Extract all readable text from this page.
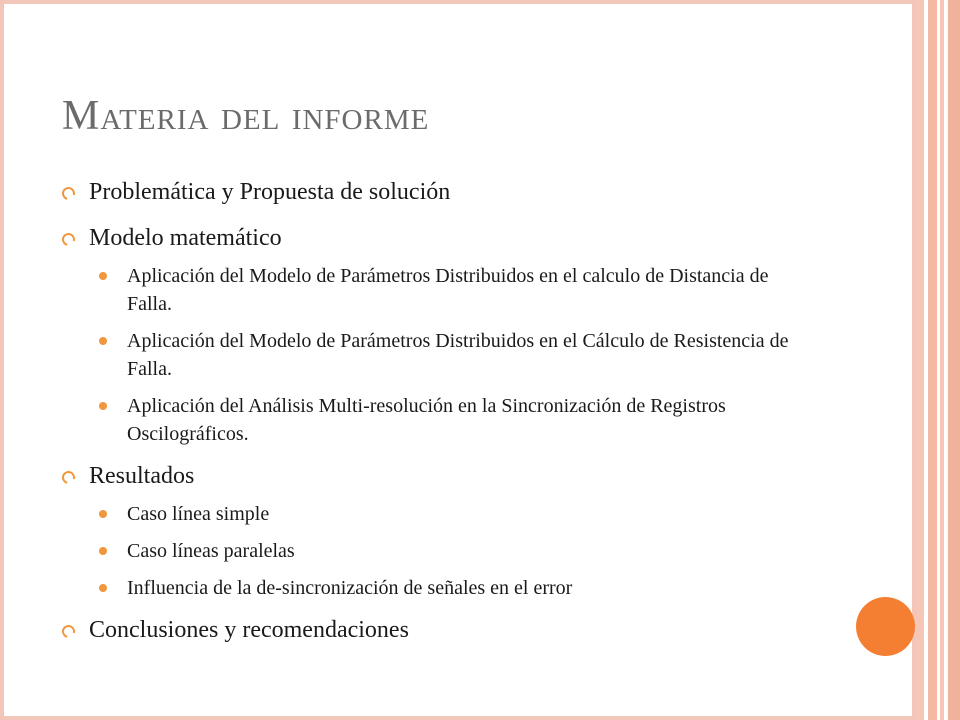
Materia del informe
Problemática y Propuesta de solución
Modelo matemático
Aplicación del Modelo de Parámetros Distribuidos en el calculo de Distancia de Falla.
Aplicación del Modelo de Parámetros Distribuidos en el Cálculo de Resistencia de Falla.
Aplicación del Análisis Multi-resolución en la Sincronización de Registros Oscilográficos.
Resultados
Caso línea simple
Caso líneas paralelas
Influencia de la de-sincronización de señales en el error
Conclusiones y recomendaciones
